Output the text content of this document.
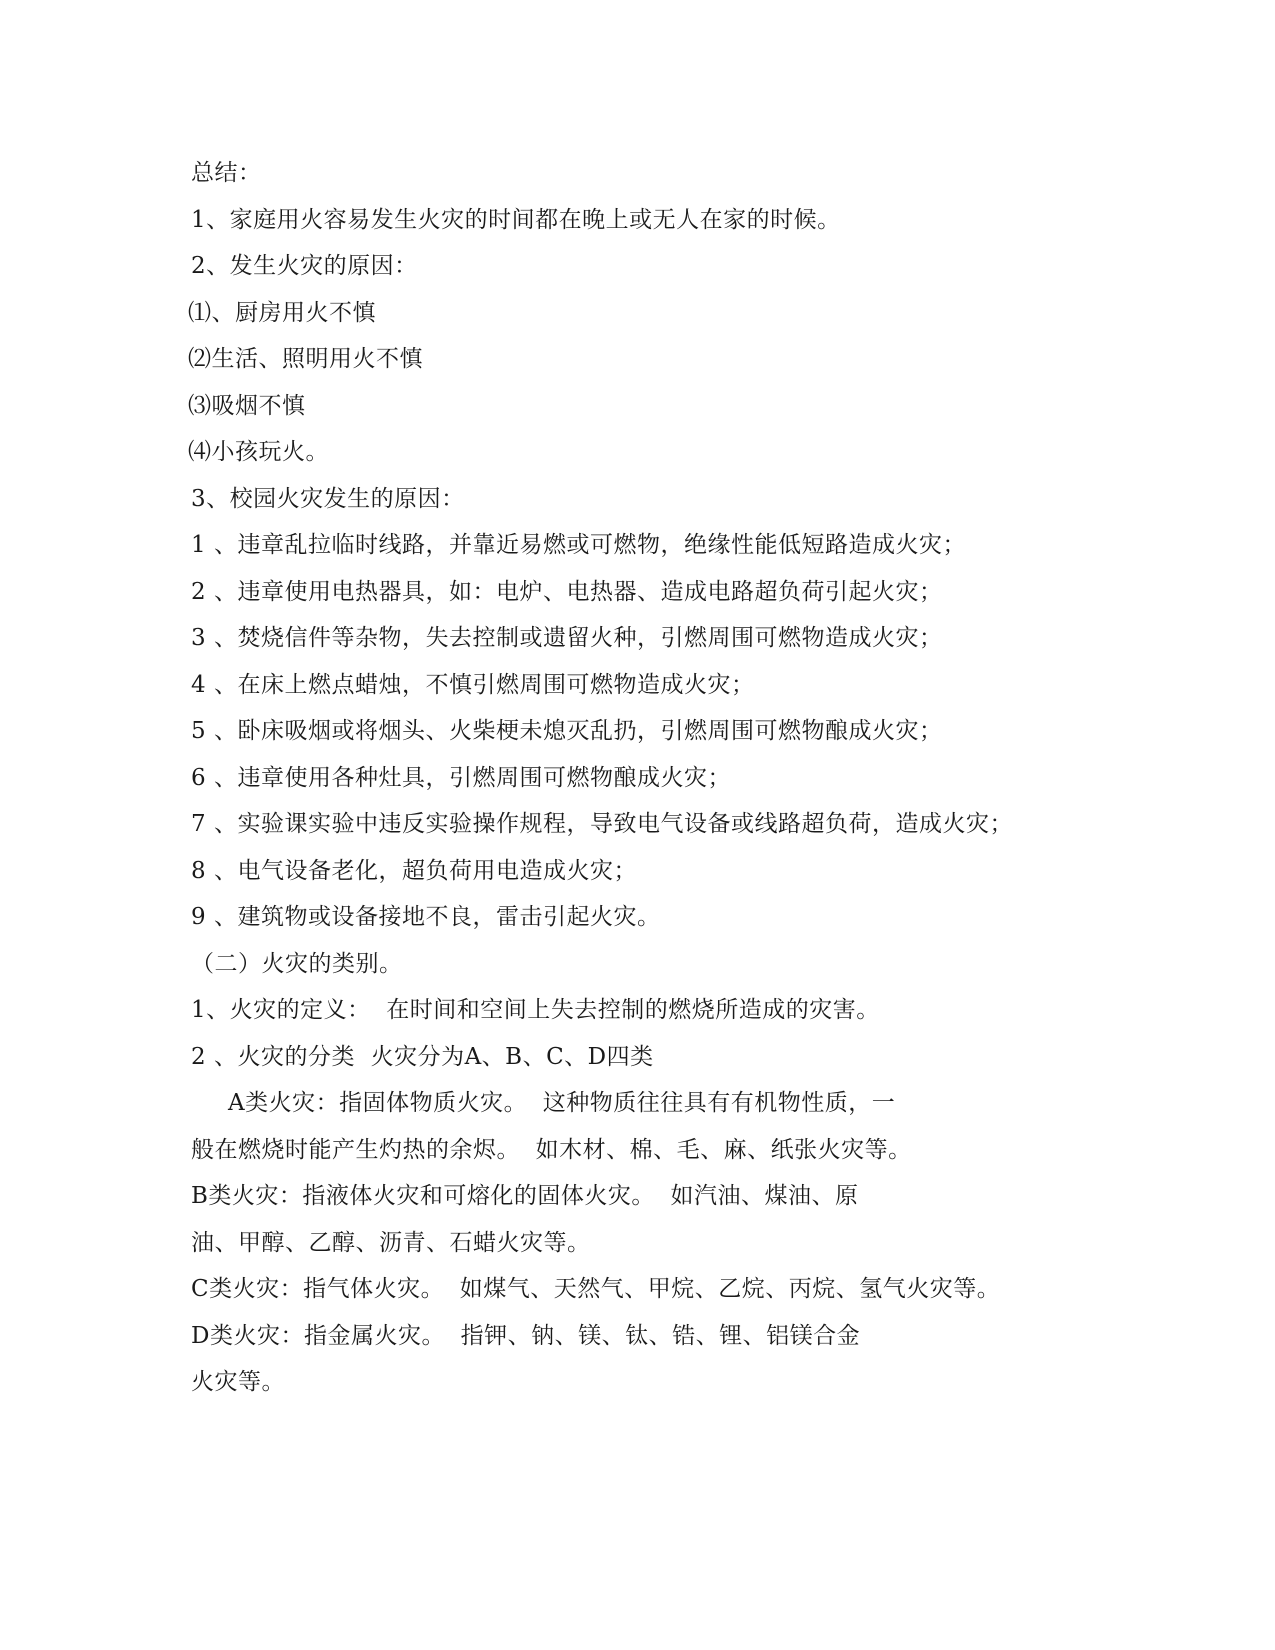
总结：
1、家庭用火容易发生火灾的时间都在晚上或无人在家的时候。
2、发生火灾的原因：
⑴、厨房用火不慎
⑵生活、照明用火不慎
⑶吸烟不慎
⑷小孩玩火。
3、校园火灾发生的原因：
1 、违章乱拉临时线路，并靠近易燃或可燃物，绝缘性能低短路造成火灾；
2 、违章使用电热器具，如：电炉、电热器、造成电路超负荷引起火灾；
3 、焚烧信件等杂物，失去控制或遗留火种，引燃周围可燃物造成火灾；
4 、在床上燃点蜡烛，不慎引燃周围可燃物造成火灾；
5 、卧床吸烟或将烟头、火柴梗未熄灭乱扔，引燃周围可燃物酿成火灾；
6 、违章使用各种灶具，引燃周围可燃物酿成火灾；
7 、实验课实验中违反实验操作规程，导致电气设备或线路超负荷，造成火灾；
8 、电气设备老化，超负荷用电造成火灾；
9 、建筑物或设备接地不良，雷击引起火灾。
（二）火灾的类别。
1、火灾的定义：  在时间和空间上失去控制的燃烧所造成的灾害。
2 、火灾的分类  火灾分为A、B、C、D四类
A类火灾：指固体物质火灾。  这种物质往往具有有机物性质，一
般在燃烧时能产生灼热的余烬。  如木材、棉、毛、麻、纸张火灾等。
B类火灾：指液体火灾和可熔化的固体火灾。  如汽油、煤油、原
油、甲醇、乙醇、沥青、石蜡火灾等。
C类火灾：指气体火灾。  如煤气、天然气、甲烷、乙烷、丙烷、氢气火灾等。
D类火灾：指金属火灾。  指钾、钠、镁、钛、锆、锂、铝镁合金
火灾等。
